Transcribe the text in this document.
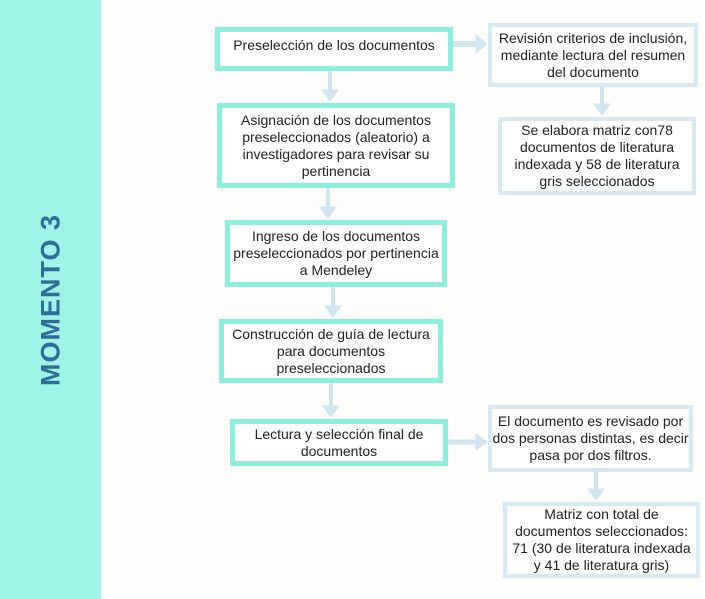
MOMENTO 3
Preselección de los documentos
Asignación de los documentos preseleccionados (aleatorio) a investigadores para revisar su pertinencia
Ingreso de los documentos preseleccionados por pertinencia a Mendeley
Construcción de guía de lectura para documentos preseleccionados
Lectura y selección final de documentos
Revisión criterios de inclusión, mediante lectura del resumen del documento
Se elabora matriz con78 documentos de literatura indexada y 58 de literatura gris seleccionados
El documento es revisado por dos personas distintas, es decir pasa por dos filtros.
Matriz con total de documentos seleccionados: 71 (30 de literatura indexada y 41 de literatura gris)
